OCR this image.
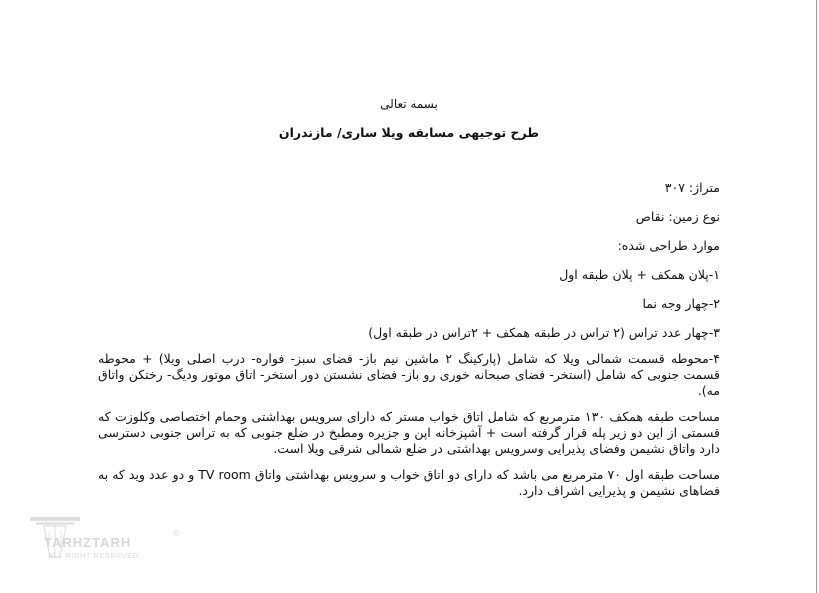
بسمه تعالی
طرح توجیهی مسابقه ویلا ساری/ مازندران

متراژ: ۳۰۷

نوع زمین: نقاص

موارد طراحی شده:

۱-پلان همکف + پلان طبقه اول

۲-چهار وجه نما

۳-چهار عدد تراس (۲ تراس در طبقه همکف + ۲تراس در طبقه اول)

۴-محوطه قسمت شمالی ویلا که شامل (پارکینگ ۲ ماشین نیم باز- فضای سبز- فواره- درب اصلی ویلا) + محوطه قسمت جنوبی که شامل (استخر- فضای صبحانه خوری رو باز- فضای نشستن دور استخر- اتاق موتور ودیگ- رختکن واتاق مه).

مساحت طبقه همکف ۱۳۰ مترمربع که شامل اتاق خواب مستر که دارای سرویس بهداشتی وحمام اختصاصی وکلوزت که قسمتی از این دو زیر پله قرار گرفته است + آشپزخانه اپن و جزیره ومطبخ در ضلع جنوبی که به تراس جنوبی دسترسی دارد واتاق نشیمن وفضای پذیرایی وسرویس بهداشتی در ضلع شمالی شرقی ویلا است.

مساحت طبقه اول ۷۰ مترمربع می باشد که دارای دو اتاق خواب و سرویس بهداشتی واتاق TV room و دو عدد وید که به فضاهای نشیمن و پذیرایی اشراف دارد.

TARHZTARH
ALL RIGHT RESERVED
®
